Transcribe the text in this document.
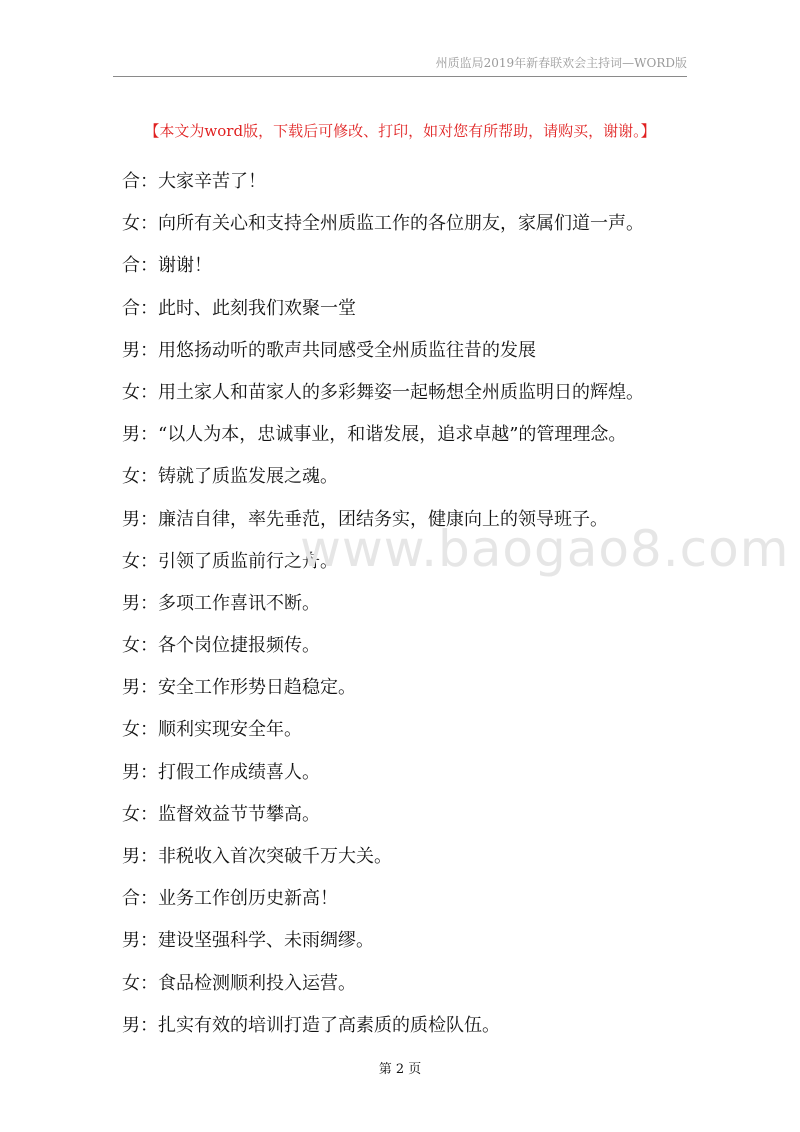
州质监局2019年新春联欢会主持词—WORD版
【本文为word版，下载后可修改、打印，如对您有所帮助，请购买，谢谢。】
合：大家辛苦了！
女：向所有关心和支持全州质监工作的各位朋友，家属们道一声。
合：谢谢！
合：此时、此刻我们欢聚一堂
男：用悠扬动听的歌声共同感受全州质监往昔的发展
女：用土家人和苗家人的多彩舞姿一起畅想全州质监明日的辉煌。
男：“以人为本，忠诚事业，和谐发展，追求卓越”的管理理念。
女：铸就了质监发展之魂。
男：廉洁自律，率先垂范，团结务实，健康向上的领导班子。
女：引领了质监前行之舟。
男：多项工作喜讯不断。
女：各个岗位捷报频传。
男：安全工作形势日趋稳定。
女：顺利实现安全年。
男：打假工作成绩喜人。
女：监督效益节节攀高。
男：非税收入首次突破千万大关。
合：业务工作创历史新高！
男：建设坚强科学、未雨绸缪。
女：食品检测顺利投入运营。
男：扎实有效的培训打造了高素质的质检队伍。
www.baogao8.com
第 2 页
